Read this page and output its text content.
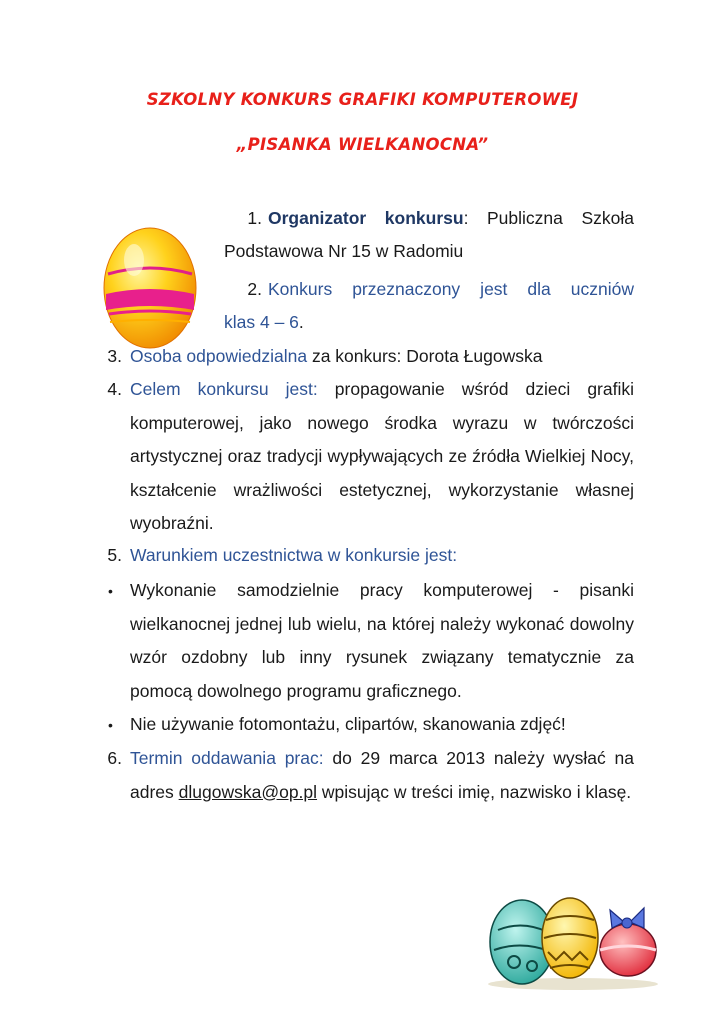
SZKOLNY KONKURS GRAFIKI KOMPUTEROWEJ
„PISANKA WIELKANOCNA”
1. Organizator konkursu: Publiczna Szkoła
Podstawowa Nr 15 w Radomiu
2. Konkurs przeznaczony jest dla uczniów
klas 4 – 6.
3. Osoba odpowiedzialna za konkurs: Dorota Ługowska
4. Celem konkursu jest: propagowanie wśród dzieci grafiki komputerowej, jako nowego środka wyrazu w twórczości artystycznej oraz tradycji wypływających ze źródła Wielkiej Nocy, kształcenie wrażliwości estetycznej, wykorzystanie własnej wyobraźni.
5. Warunkiem uczestnictwa w konkursie jest:
• Wykonanie samodzielnie pracy komputerowej - pisanki wielkanocnej jednej lub wielu, na której należy wykonać dowolny wzór ozdobny lub inny rysunek związany tematycznie za pomocą dowolnego programu graficznego.
• Nie używanie fotomontażu, clipartów, skanowania zdjęć!
6. Termin oddawania prac: do 29 marca 2013 należy wysłać na adres dlugowska@op.pl wpisując w treści imię, nazwisko i klasę.
